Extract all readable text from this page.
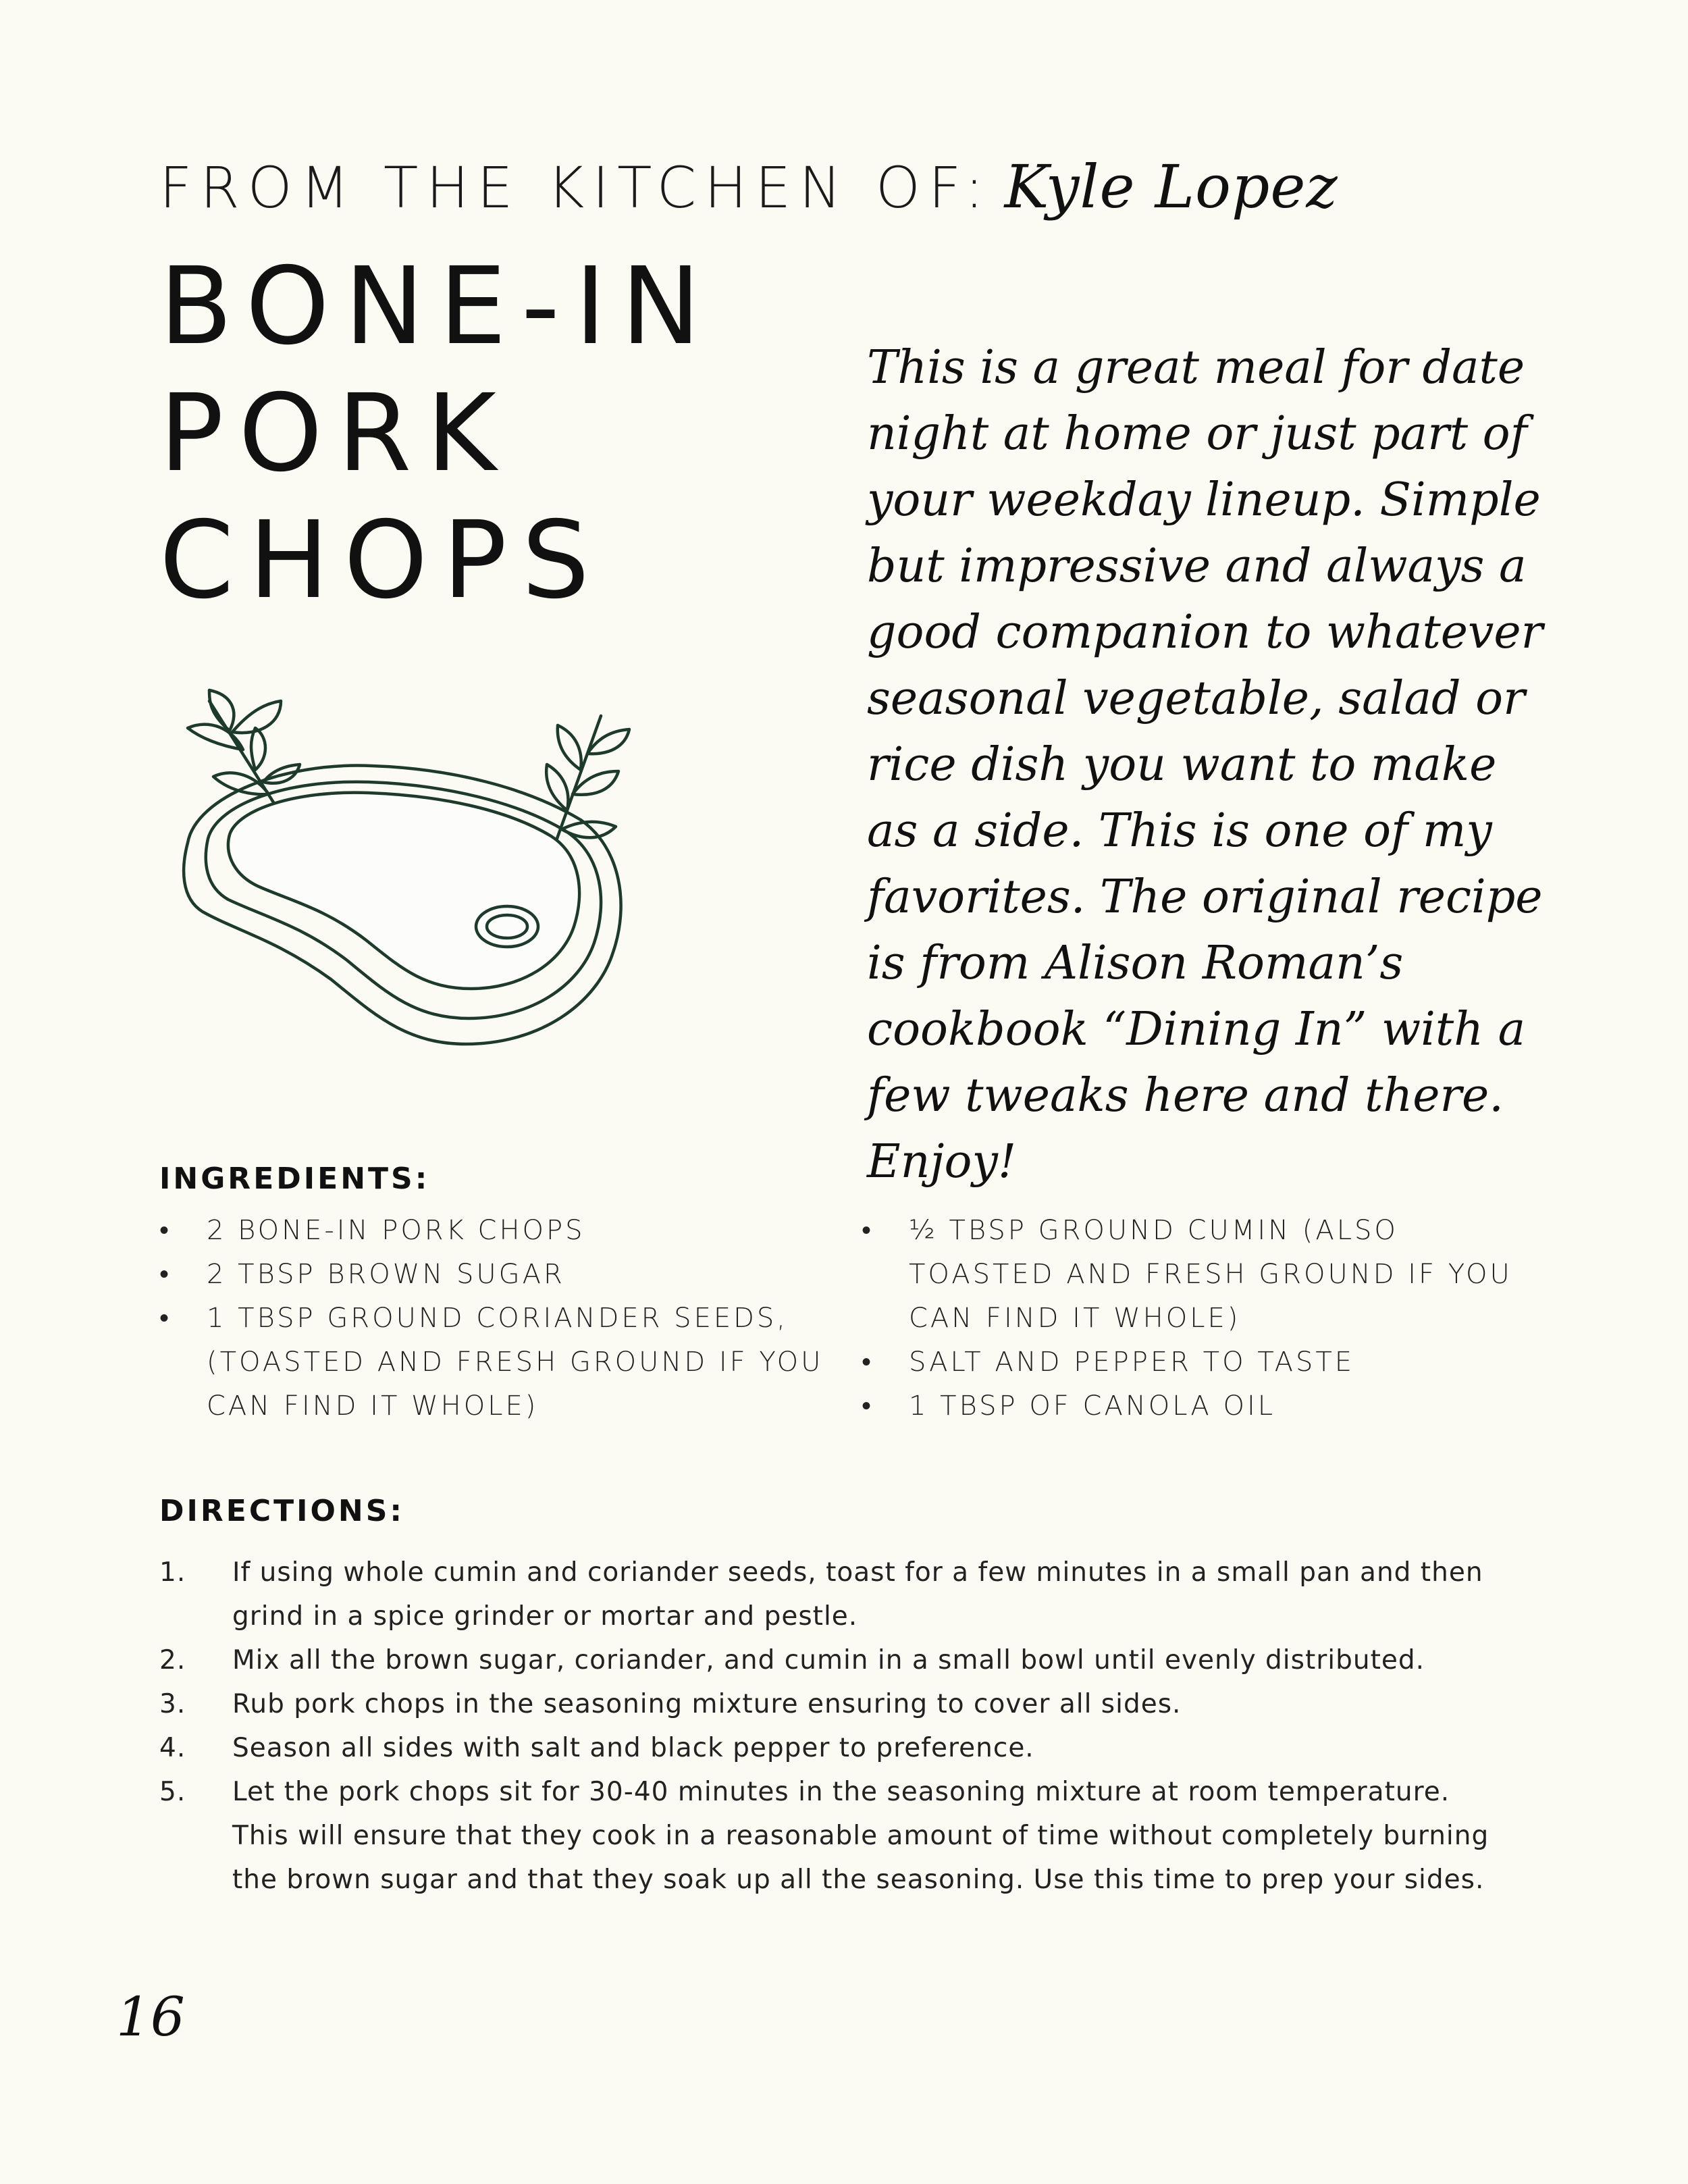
FROM THE KITCHEN OF: Kyle Lopez
BONE-IN
PORK
CHOPS

This is a great meal for date night at home or just part of your weekday lineup. Simple but impressive and always a good companion to whatever seasonal vegetable, salad or rice dish you want to make as a side. This is one of my favorites. The original recipe is from Alison Roman’s cookbook “Dining In” with a few tweaks here and there. Enjoy!

INGREDIENTS:
• 2 BONE-IN PORK CHOPS
• 2 TBSP BROWN SUGAR
• 1 TBSP GROUND CORIANDER SEEDS, (TOASTED AND FRESH GROUND IF YOU CAN FIND IT WHOLE)
• ½ TBSP GROUND CUMIN (ALSO TOASTED AND FRESH GROUND IF YOU CAN FIND IT WHOLE)
• SALT AND PEPPER TO TASTE
• 1 TBSP OF CANOLA OIL
DIRECTIONS:
1. If using whole cumin and coriander seeds, toast for a few minutes in a small pan and then grind in a spice grinder or mortar and pestle.
2. Mix all the brown sugar, coriander, and cumin in a small bowl until evenly distributed.
3. Rub pork chops in the seasoning mixture ensuring to cover all sides.
4. Season all sides with salt and black pepper to preference.
5. Let the pork chops sit for 30-40 minutes in the seasoning mixture at room temperature. This will ensure that they cook in a reasonable amount of time without completely burning the brown sugar and that they soak up all the seasoning. Use this time to prep your sides.
16
